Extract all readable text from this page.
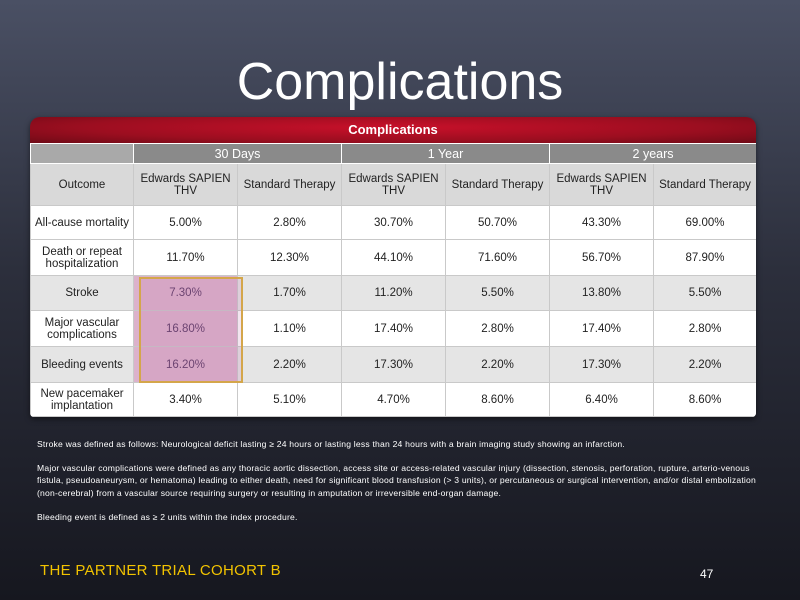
Complications
Complications
	30 Days		1 Year		2 years	
Outcome	Edwards SAPIEN THV	Standard Therapy	Edwards SAPIEN THV	Standard Therapy	Edwards SAPIEN THV	Standard Therapy
All-cause mortality	5.00%	2.80%	30.70%	50.70%	43.30%	69.00%
Death or repeat hospitalization	11.70%	12.30%	44.10%	71.60%	56.70%	87.90%
Stroke	7.30%	1.70%	11.20%	5.50%	13.80%	5.50%
Major vascular complications	16.80%	1.10%	17.40%	2.80%	17.40%	2.80%
Bleeding events	16.20%	2.20%	17.30%	2.20%	17.30%	2.20%
New pacemaker implantation	3.40%	5.10%	4.70%	8.60%	6.40%	8.60%

Stroke was defined as follows: Neurological deficit lasting ≥ 24 hours or lasting less than 24 hours with a brain imaging study showing an infarction.

Major vascular complications were defined as any thoracic aortic dissection, access site or access-related vascular injury (dissection, stenosis, perforation, rupture, arterio-venous fistula, pseudoaneurysm, or hematoma) leading to either death, need for significant blood transfusion (> 3 units), or percutaneous or surgical intervention, and/or distal embolization (non-cerebral) from a vascular source requiring surgery or resulting in amputation or irreversible end-organ damage.

Bleeding event is defined as ≥ 2 units within the index procedure.

THE PARTNER TRIAL COHORT B	47
